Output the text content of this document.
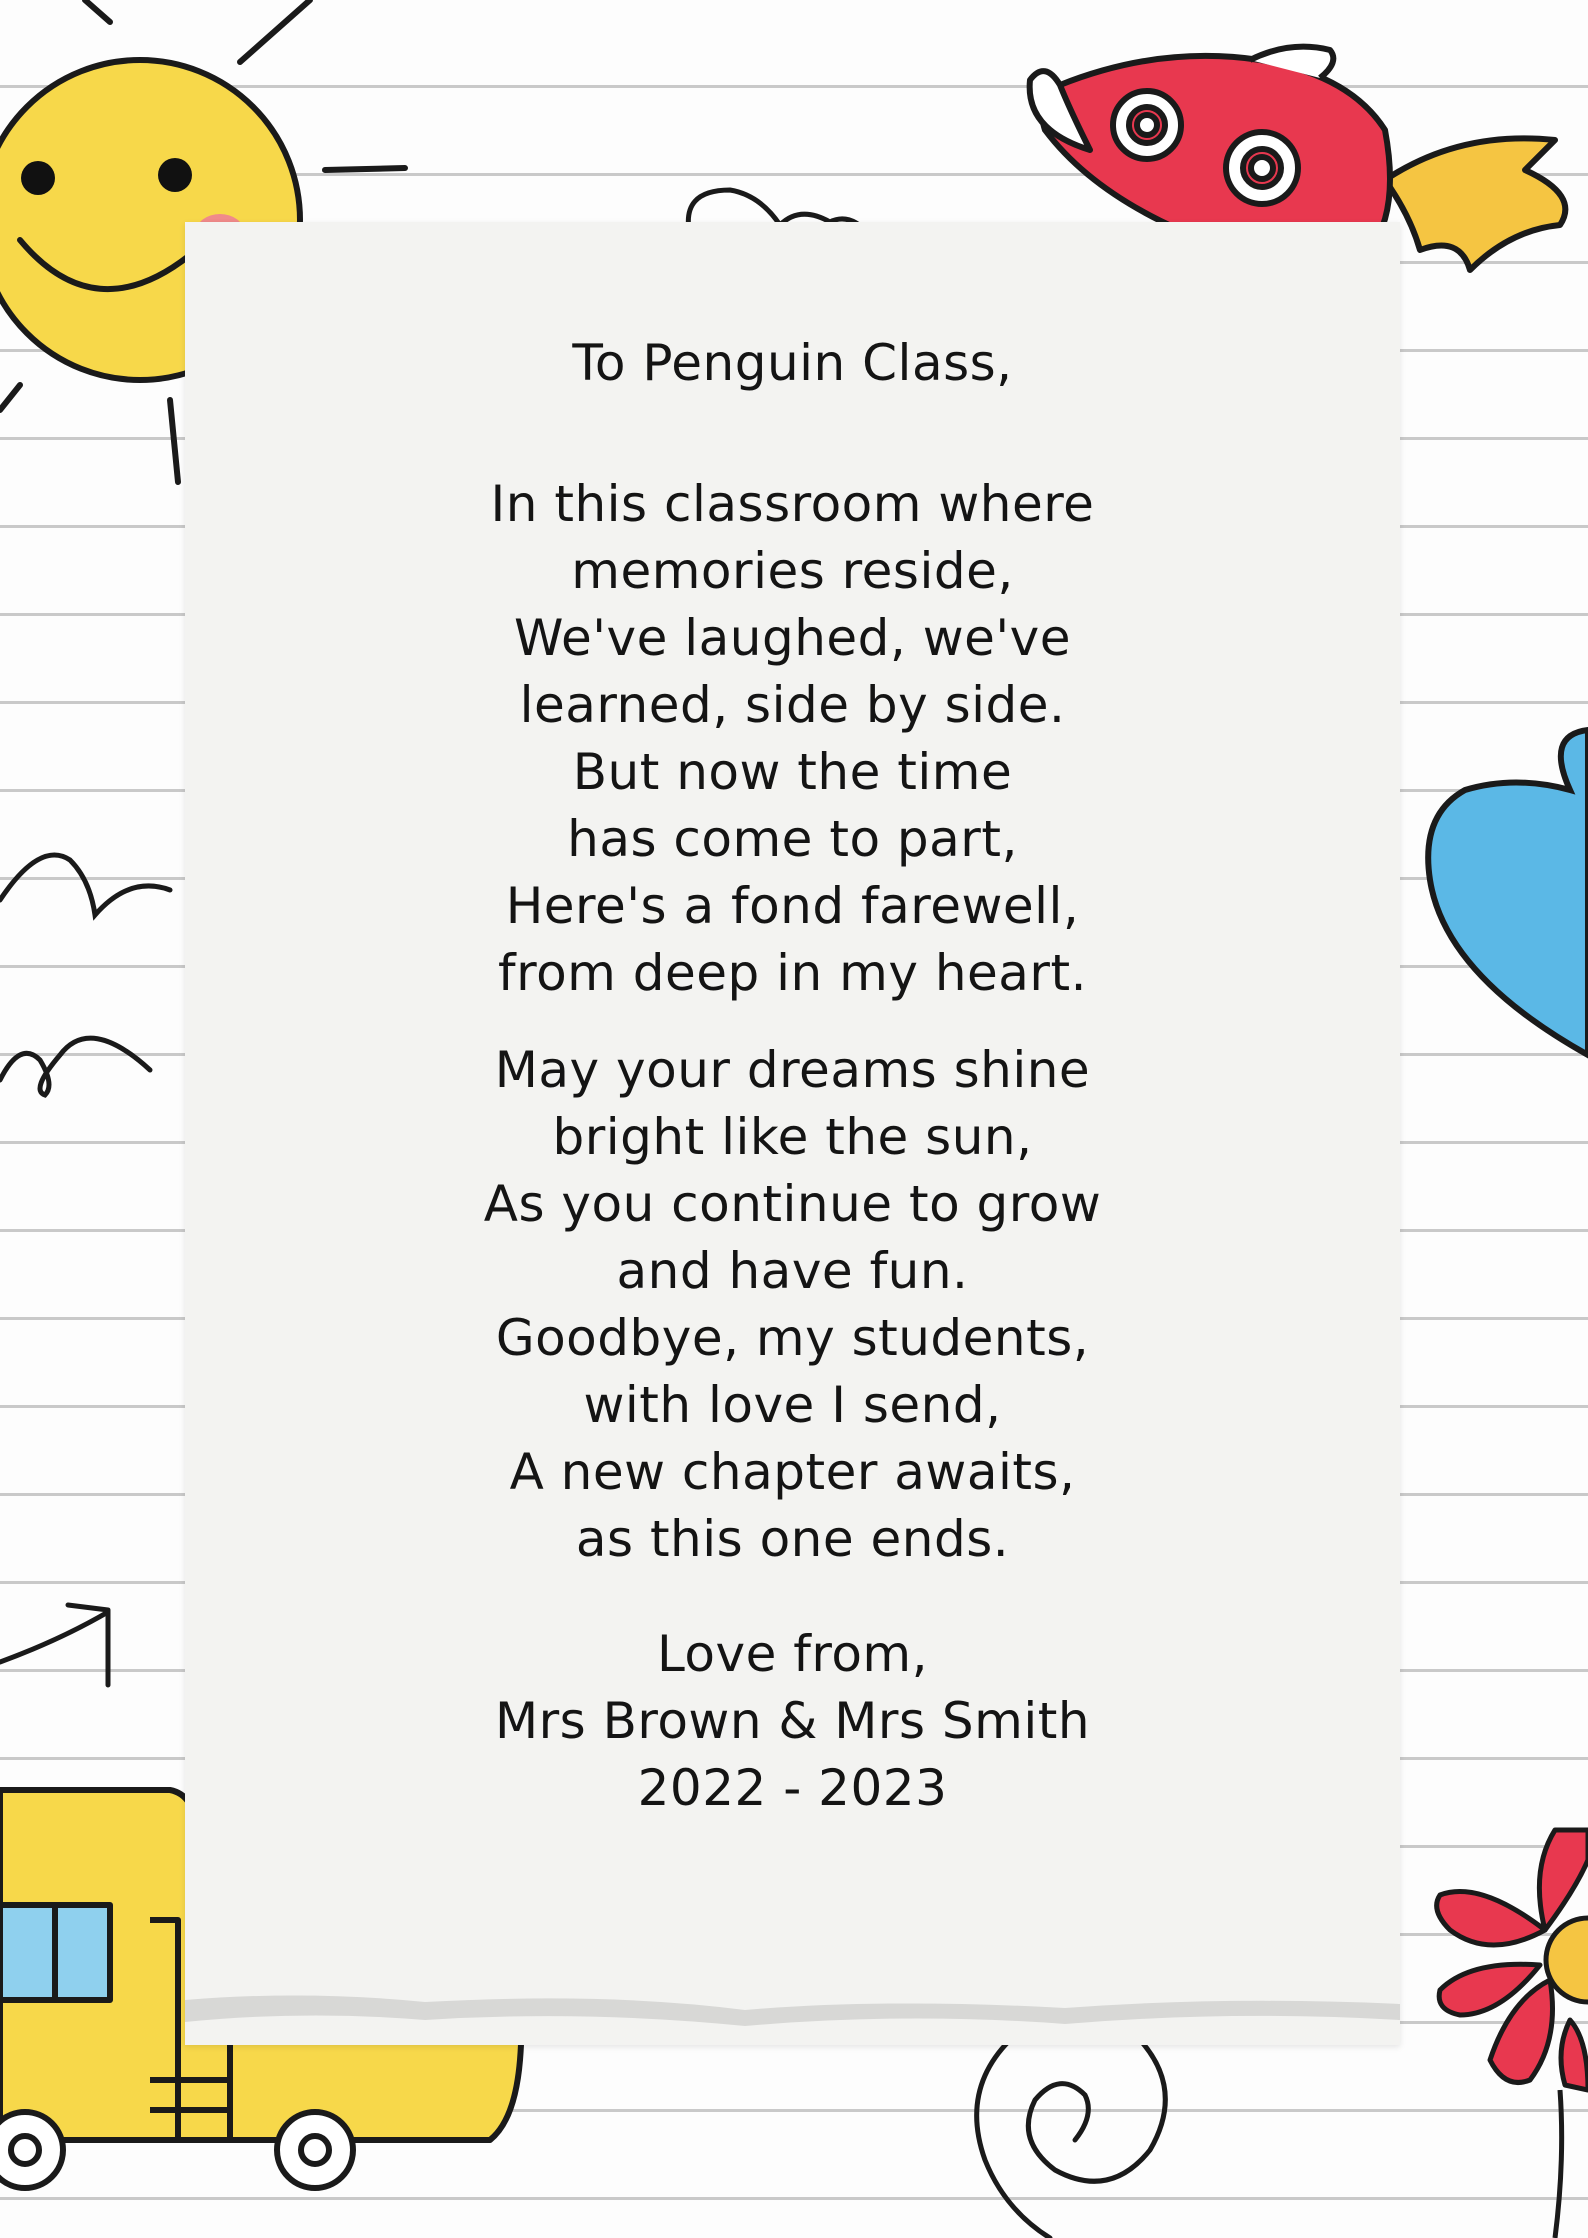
To Penguin Class,
In this classroom where
memories reside,
We've laughed, we've
learned, side by side.
But now the time
has come to part,
Here's a fond farewell,
from deep in my heart.
May your dreams shine
bright like the sun,
As you continue to grow
and have fun.
Goodbye, my students,
with love I send,
A new chapter awaits,
as this one ends.
Love from,
Mrs Brown & Mrs Smith
2022 - 2023
